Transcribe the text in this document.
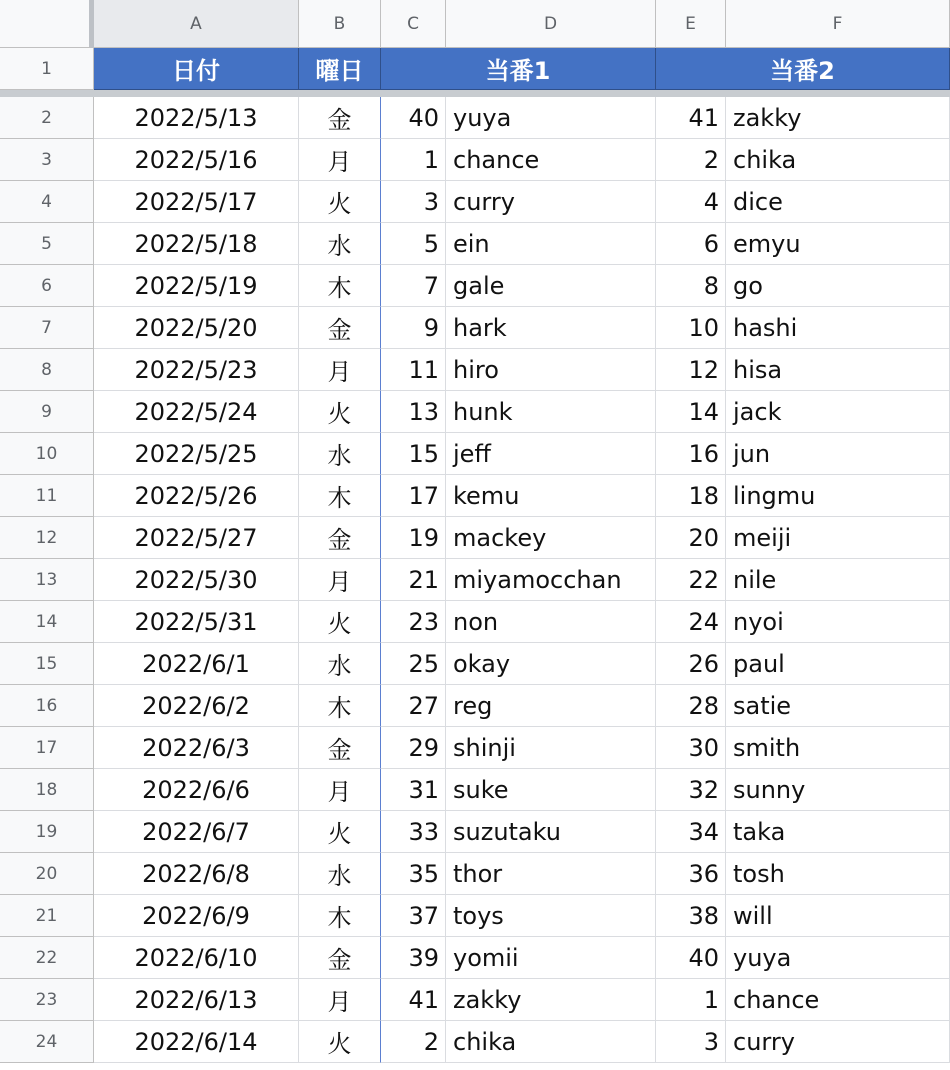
A	B	C	D	E	F
1	日付	曜日	当番1	当番2
2	2022/5/13	金	40 yuya	41 zakky
3	2022/5/16	月	1 chance	2 chika
4	2022/5/17	火	3 curry	4 dice
5	2022/5/18	水	5 ein	6 emyu
6	2022/5/19	木	7 gale	8 go
7	2022/5/20	金	9 hark	10 hashi
8	2022/5/23	月	11 hiro	12 hisa
9	2022/5/24	火	13 hunk	14 jack
10	2022/5/25	水	15 jeff	16 jun
11	2022/5/26	木	17 kemu	18 lingmu
12	2022/5/27	金	19 mackey	20 meiji
13	2022/5/30	月	21 miyamocchan	22 nile
14	2022/5/31	火	23 non	24 nyoi
15	2022/6/1	水	25 okay	26 paul
16	2022/6/2	木	27 reg	28 satie
17	2022/6/3	金	29 shinji	30 smith
18	2022/6/6	月	31 suke	32 sunny
19	2022/6/7	火	33 suzutaku	34 taka
20	2022/6/8	水	35 thor	36 tosh
21	2022/6/9	木	37 toys	38 will
22	2022/6/10	金	39 yomii	40 yuya
23	2022/6/13	月	41 zakky	1 chance
24	2022/6/14	火	2 chika	3 curry
